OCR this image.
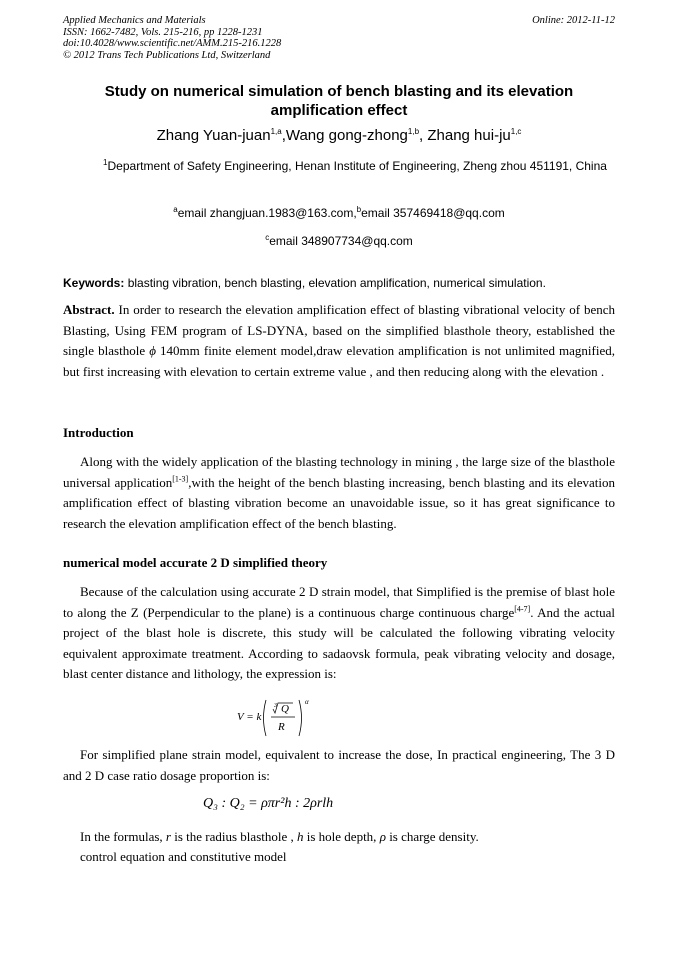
Applied Mechanics and Materials
ISSN: 1662-7482, Vols. 215-216, pp 1228-1231
doi:10.4028/www.scientific.net/AMM.215-216.1228
© 2012 Trans Tech Publications Ltd, Switzerland
Online: 2012-11-12
Study on numerical simulation of bench blasting and its elevation amplification effect
Zhang Yuan-juan$^{1,a}$,Wang gong-zhong$^{1,b}$, Zhang hui-ju$^{1,c}$
$^1$Department of Safety Engineering, Henan Institute of Engineering, Zheng zhou 451191, China
$^a$email zhangjuan.1983@163.com,$^b$email 357469418@qq.com
$^c$email 348907734@qq.com
Keywords: blasting vibration, bench blasting, elevation amplification, numerical simulation.
Abstract. In order to research the elevation amplification effect of blasting vibrational velocity of bench Blasting, Using FEM program of LS-DYNA, based on the simplified blasthole theory, established the single blasthole ϕ 140mm finite element model,draw elevation amplification is not unlimited magnified, but first increasing with elevation to certain extreme value , and then reducing along with the elevation .
Introduction
Along with the widely application of the blasting technology in mining , the large size of the blasthole universal application[1-3],with the height of the bench blasting increasing, bench blasting and its elevation amplification effect of blasting vibration become an unavoidable issue, so it has great significance to research the elevation amplification effect of the bench blasting.
numerical model accurate 2 D simplified theory
Because of the calculation using accurate 2 D strain model, that Simplified is the premise of blast hole to along the Z (Perpendicular to the plane) is a continuous charge continuous charge[4-7]. And the actual project of the blast hole is discrete, this study will be calculated the following vibrating velocity equivalent approximate treatment. According to sadaovsk formula, peak vibrating velocity and dosage, blast center distance and lithology, the expression is:
V = k
3 Q
R
α
For simplified plane strain model, equivalent to increase the dose, In practical engineering, The 3 D and 2 D case ratio dosage proportion is:
Q₃ : Q₂ = ρπr²h : 2ρrlh
In the formulas, r is the radius blasthole , h is hole depth, ρ is charge density.
control equation and constitutive model
